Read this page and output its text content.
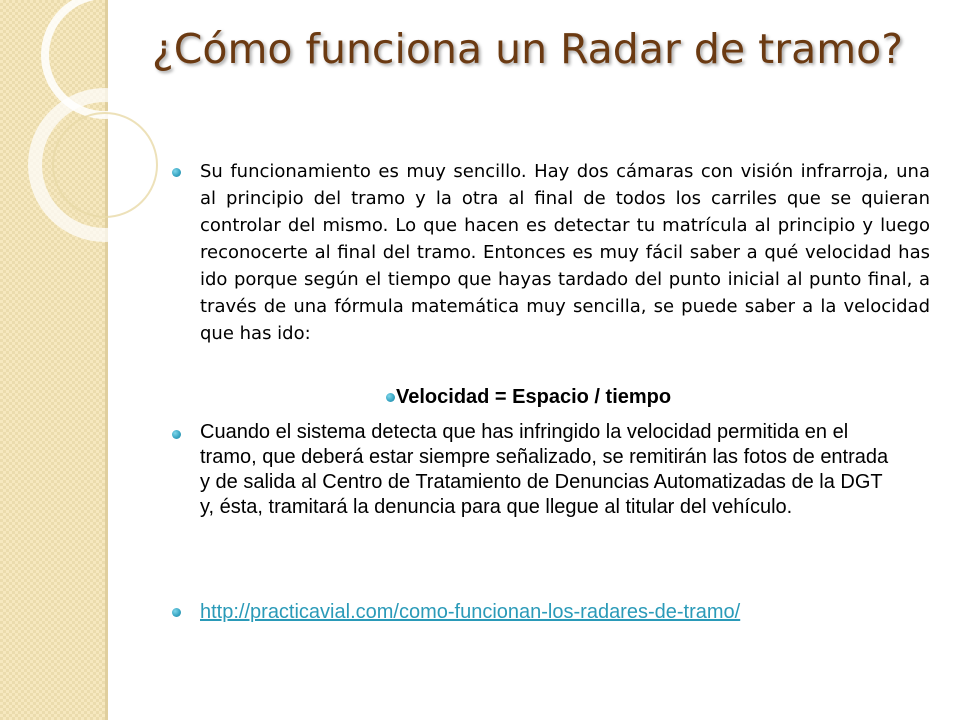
¿Cómo funciona un Radar de tramo?
Su funcionamiento es muy sencillo. Hay dos cámaras con visión infrarroja, una al principio del tramo y la otra al final de todos los carriles que se quieran controlar del mismo. Lo que hacen es detectar tu matrícula al principio y luego reconocerte al final del tramo. Entonces es muy fácil saber a qué velocidad has ido porque según el tiempo que hayas tardado del punto inicial al punto final, a través de una fórmula matemática muy sencilla, se puede saber a la velocidad que has ido:
Velocidad = Espacio / tiempo
Cuando el sistema detecta que has infringido la velocidad permitida en el tramo, que deberá estar siempre señalizado, se remitirán las fotos de entrada y de salida al Centro de Tratamiento de Denuncias Automatizadas de la DGT y, ésta, tramitará la denuncia para que llegue al titular del vehículo.
http://practicavial.com/como-funcionan-los-radares-de-tramo/
